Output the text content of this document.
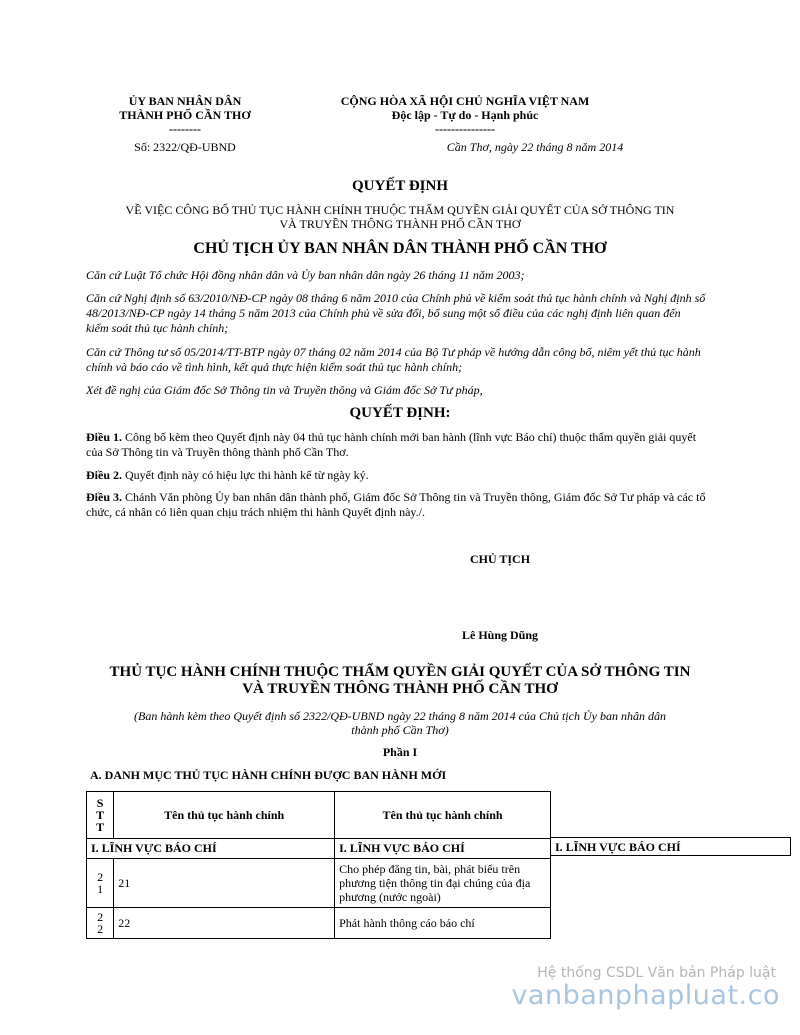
ỦY BAN NHÂN DÂN
THÀNH PHỐ CẦN THƠ
--------
Số: 2322/QĐ-UBND
CỘNG HÒA XÃ HỘI CHỦ NGHĨA VIỆT NAM
Độc lập - Tự do - Hạnh phúc
---------------
Cần Thơ, ngày 22 tháng 8 năm 2014
QUYẾT ĐỊNH
VỀ VIỆC CÔNG BỐ THỦ TỤC HÀNH CHÍNH THUỘC THẨM QUYỀN GIẢI QUYẾT CỦA SỞ THÔNG TIN
VÀ TRUYỀN THÔNG THÀNH PHỐ CẦN THƠ
CHỦ TỊCH ỦY BAN NHÂN DÂN THÀNH PHỐ CẦN THƠ
Căn cứ Luật Tổ chức Hội đồng nhân dân và Ủy ban nhân dân ngày 26 tháng 11 năm 2003;
Căn cứ Nghị định số 63/2010/NĐ-CP ngày 08 tháng 6 năm 2010 của Chính phủ về kiểm soát thủ tục hành chính và Nghị định số 48/2013/NĐ-CP ngày 14 tháng 5 năm 2013 của Chính phủ về sửa đổi, bổ sung một số điều của các nghị định liên quan đến kiểm soát thủ tục hành chính;
Căn cứ Thông tư số 05/2014/TT-BTP ngày 07 tháng 02 năm 2014 của Bộ Tư pháp về hướng dẫn công bố, niêm yết thủ tục hành chính và báo cáo về tình hình, kết quả thực hiện kiểm soát thủ tục hành chính;
Xét đề nghị của Giám đốc Sở Thông tin và Truyền thông và Giám đốc Sở Tư pháp,
QUYẾT ĐỊNH:
Điều 1. Công bố kèm theo Quyết định này 04 thủ tục hành chính mới ban hành (lĩnh vực Báo chí) thuộc thẩm quyền giải quyết của Sở Thông tin và Truyền thông thành phố Cần Thơ.
Điều 2. Quyết định này có hiệu lực thi hành kể từ ngày ký.
Điều 3. Chánh Văn phòng Ủy ban nhân dân thành phố, Giám đốc Sở Thông tin và Truyền thông, Giám đốc Sở Tư pháp và các tổ chức, cá nhân có liên quan chịu trách nhiệm thi hành Quyết định này./.
CHỦ TỊCH
Lê Hùng Dũng
THỦ TỤC HÀNH CHÍNH THUỘC THẨM QUYỀN GIẢI QUYẾT CỦA SỞ THÔNG TIN
VÀ TRUYỀN THÔNG THÀNH PHỐ CẦN THƠ
(Ban hành kèm theo Quyết định số 2322/QĐ-UBND ngày 22 tháng 8 năm 2014 của Chủ tịch Ủy ban nhân dân
thành phố Cần Thơ)
Phần I
A. DANH MỤC THỦ TỤC HÀNH CHÍNH ĐƯỢC BAN HÀNH MỚI
S
T
T	Tên thủ tục hành chính	Tên thủ tục hành chính
I. LĨNH VỰC BÁO CHÍ		I. LĨNH VỰC BÁO CHÍ

2
1	21	Cho phép đăng tin, bài, phát biểu trên phương tiện thông tin đại chúng của địa phương (nước ngoài)

2
2	22	Phát hành thông cáo báo chí
I. LĨNH VỰC BÁO CHÍ
Hệ thống CSDL Văn bản Pháp luật
vanbanphapluat.co
